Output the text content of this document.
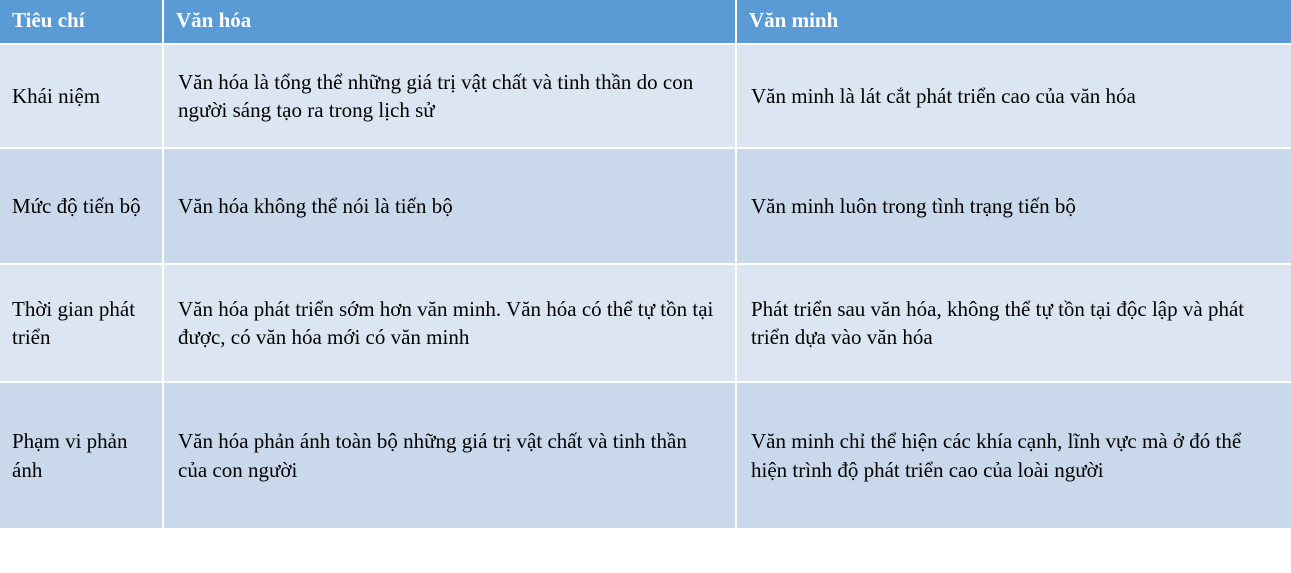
Tiêu chí	Văn hóa	Văn minh
Khái niệm	Văn hóa là tổng thể những giá trị vật chất và tinh thần do con người sáng tạo ra trong lịch sử	Văn minh là lát cắt phát triển cao của văn hóa
Mức độ tiến bộ	Văn hóa không thể nói là tiến bộ	Văn minh luôn trong tình trạng tiến bộ
Thời gian phát triển	Văn hóa phát triển sớm hơn văn minh. Văn hóa có thể tự tồn tại được, có văn hóa mới có văn minh	Phát triển sau văn hóa, không thể tự tồn tại độc lập và phát triển dựa vào văn hóa
Phạm vi phản ánh	Văn hóa phản ánh toàn bộ những giá trị vật chất và tinh thần của con người	Văn minh chỉ thể hiện các khía cạnh, lĩnh vực mà ở đó thể hiện trình độ phát triển cao của loài người
